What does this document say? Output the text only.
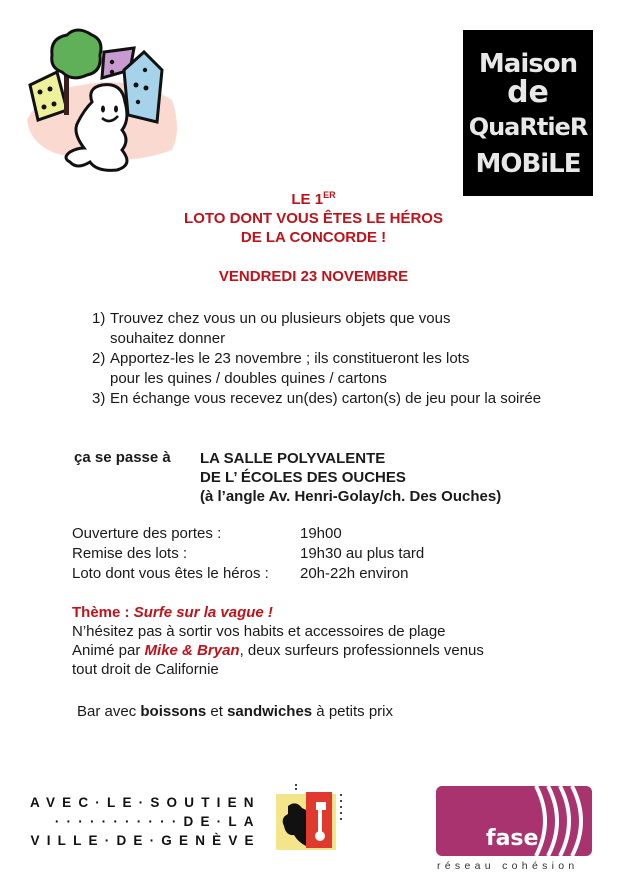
Maison
de
QuaRtieR
MOBiLE
LE 1ER
LOTO DONT VOUS ÊTES LE HÉROS
DE LA CONCORDE !
VENDREDI 23 NOVEMBRE
1) Trouvez chez vous un ou plusieurs objets que vous souhaitez donner
2) Apportez-les le 23 novembre ; ils constitueront les lots pour les quines / doubles quines / cartons
3) En échange vous recevez un(des) carton(s) de jeu pour la soirée
ça se passe à LA SALLE POLYVALENTE
DE L’ ÉCOLES DES OUCHES
(à l’angle Av. Henri-Golay/ch. Des Ouches)
Ouverture des portes :	19h00
Remise des lots :	19h30 au plus tard
Loto dont vous êtes le héros :	20h-22h environ
Thème : Surfe sur la vague !
N’hésitez pas à sortir vos habits et accessoires de plage
Animé par Mike & Bryan, deux surfeurs professionnels venus
tout droit de Californie
Bar avec boissons et sandwiches à petits prix
AVEC·LE·SOUTIEN
···········DE·LA
VILLE·DE·GENÈVE	fase
réseau cohésion
